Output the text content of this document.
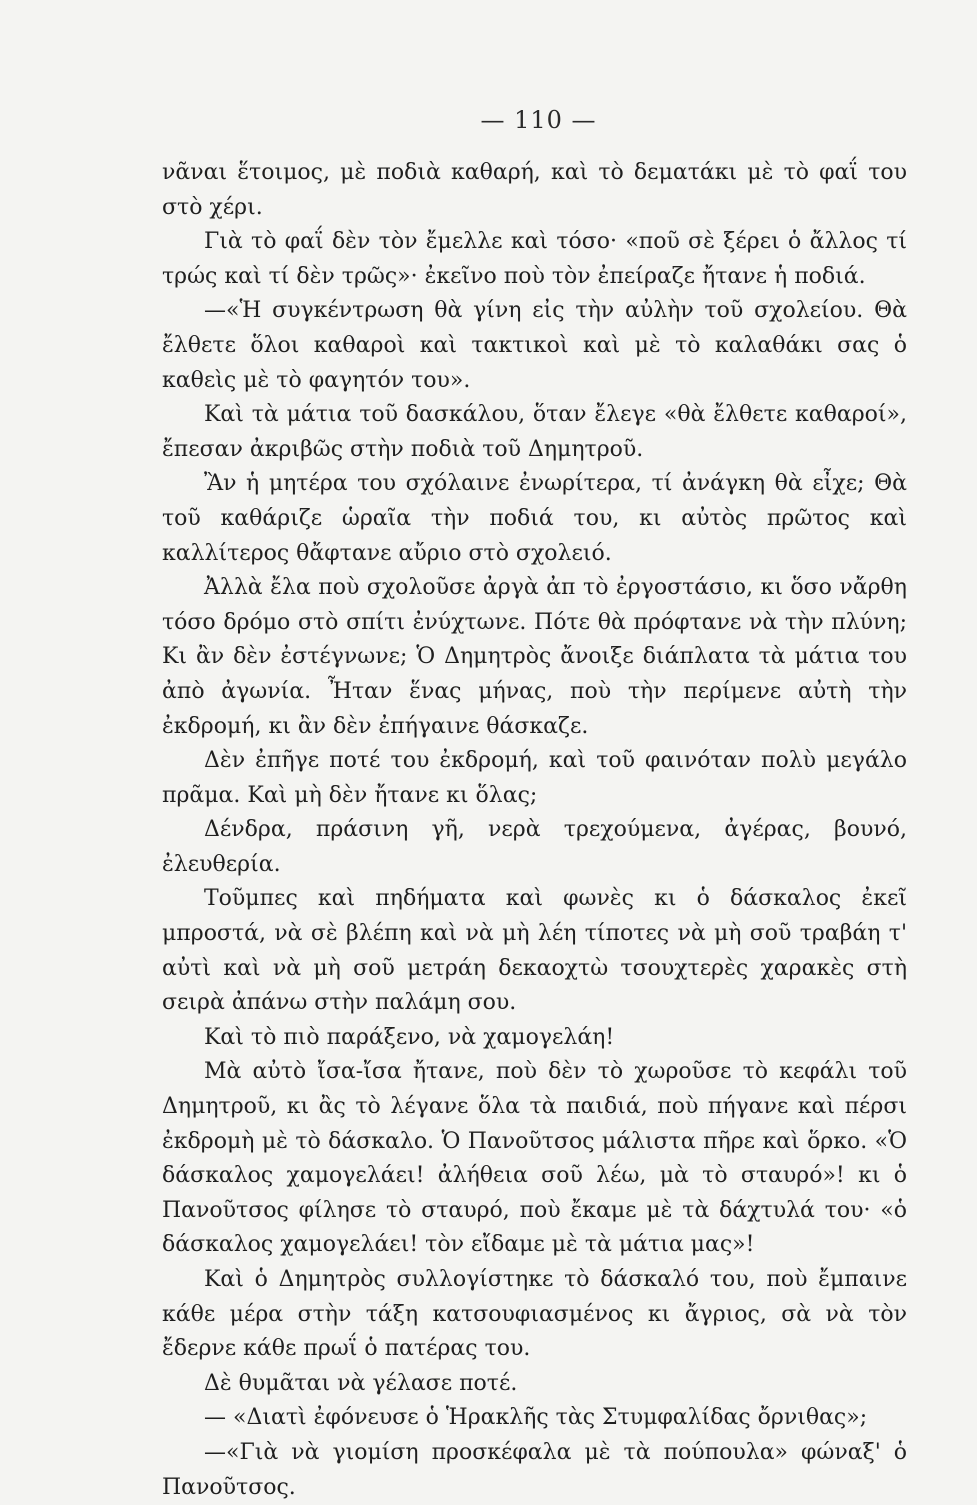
— 110 —

νᾶναι ἕτοιμος, μὲ ποδιὰ καθαρή, καὶ τὸ δεματάκι μὲ τὸ φαΐ του στὸ χέρι.

Γιὰ τὸ φαΐ δὲν τὸν ἔμελλε καὶ τόσο· «ποῦ σὲ ξέρει ὁ ἄλλος τί τρώς καὶ τί δὲν τρῶς»· ἐκεῖνο ποὺ τὸν ἐπείραζε ἤτανε ἡ ποδιά.

—«Ἡ συγκέντρωση θὰ γίνη εἰς τὴν αὐλὴν τοῦ σχολείου. Θὰ ἔλθετε ὅλοι καθαροὶ καὶ τακτικοὶ καὶ μὲ τὸ καλαθάκι σας ὁ καθεὶς μὲ τὸ φαγητόν του».

Καὶ τὰ μάτια τοῦ δασκάλου, ὅταν ἔλεγε «θὰ ἔλθετε καθαροί», ἔπεσαν ἀκριβῶς στὴν ποδιὰ τοῦ Δημητροῦ.

Ἂν ἡ μητέρα του σχόλαινε ἐνωρίτερα, τί ἀνάγκη θὰ εἶχε; Θὰ τοῦ καθάριζε ὡραῖα τὴν ποδιά του, κι αὐτὸς πρῶτος καὶ καλλίτερος θἄφτανε αὔριο στὸ σχολειό.

Ἀλλὰ ἔλα ποὺ σχολοῦσε ἀργὰ ἀπ τὸ ἐργοστάσιο, κι ὅσο νἄρθη τόσο δρόμο στὸ σπίτι ἐνύχτωνε. Πότε θὰ πρόφτανε νὰ τὴν πλύνη; Κι ἂν δὲν ἐστέγνωνε; Ὁ Δημητρὸς ἄνοιξε διάπλατα τὰ μάτια του ἀπὸ ἀγωνία. Ἦταν ἕνας μήνας, ποὺ τὴν περίμενε αὐτὴ τὴν ἐκδρομή, κι ἂν δὲν ἐπήγαινε θάσκαζε.

Δὲν ἐπῆγε ποτέ του ἐκδρομή, καὶ τοῦ φαινόταν πολὺ μεγάλο πρᾶμα. Καὶ μὴ δὲν ἤτανε κι ὅλας;

Δένδρα, πράσινη γῆ, νερὰ τρεχούμενα, ἀγέρας, βουνό, ἐλευθερία.

Τοῦμπες καὶ πηδήματα καὶ φωνὲς κι ὁ δάσκαλος ἐκεῖ μπροστά, νὰ σὲ βλέπη καὶ νὰ μὴ λέη τίποτες νὰ μὴ σοῦ τραβάη τ' αὐτὶ καὶ νὰ μὴ σοῦ μετράη δεκαοχτὼ τσουχτερὲς χαρακὲς στὴ σειρὰ ἀπάνω στὴν παλάμη σου.

Καὶ τὸ πιὸ παράξενο, νὰ χαμογελάη!

Μὰ αὐτὸ ἴσα-ἴσα ἤτανε, ποὺ δὲν τὸ χωροῦσε τὸ κεφάλι τοῦ Δημητροῦ, κι ἂς τὸ λέγανε ὅλα τὰ παιδιά, ποὺ πήγανε καὶ πέρσι ἐκδρομὴ μὲ τὸ δάσκαλο. Ὁ Πανοῦτσος μάλιστα πῆρε καὶ ὅρκο. «Ὁ δάσκαλος χαμογελάει! ἀλήθεια σοῦ λέω, μὰ τὸ σταυρό»! κι ὁ Πανοῦτσος φίλησε τὸ σταυρό, ποὺ ἔκαμε μὲ τὰ δάχτυλά του· «ὁ δάσκαλος χαμογελάει! τὸν εἴδαμε μὲ τὰ μάτια μας»!

Καὶ ὁ Δημητρὸς συλλογίστηκε τὸ δάσκαλό του, ποὺ ἔμπαινε κάθε μέρα στὴν τάξη κατσουφιασμένος κι ἄγριος, σὰ νὰ τὸν ἔδερνε κάθε πρωΐ ὁ πατέρας του.

Δὲ θυμᾶται νὰ γέλασε ποτέ.

— «Διατὶ ἐφόνευσε ὁ Ἡρακλῆς τὰς Στυμφαλίδας ὄρνιθας»;

—«Γιὰ νὰ γιομίση προσκέφαλα μὲ τὰ πούπουλα» φώναξ' ὁ Πανοῦτσος.
